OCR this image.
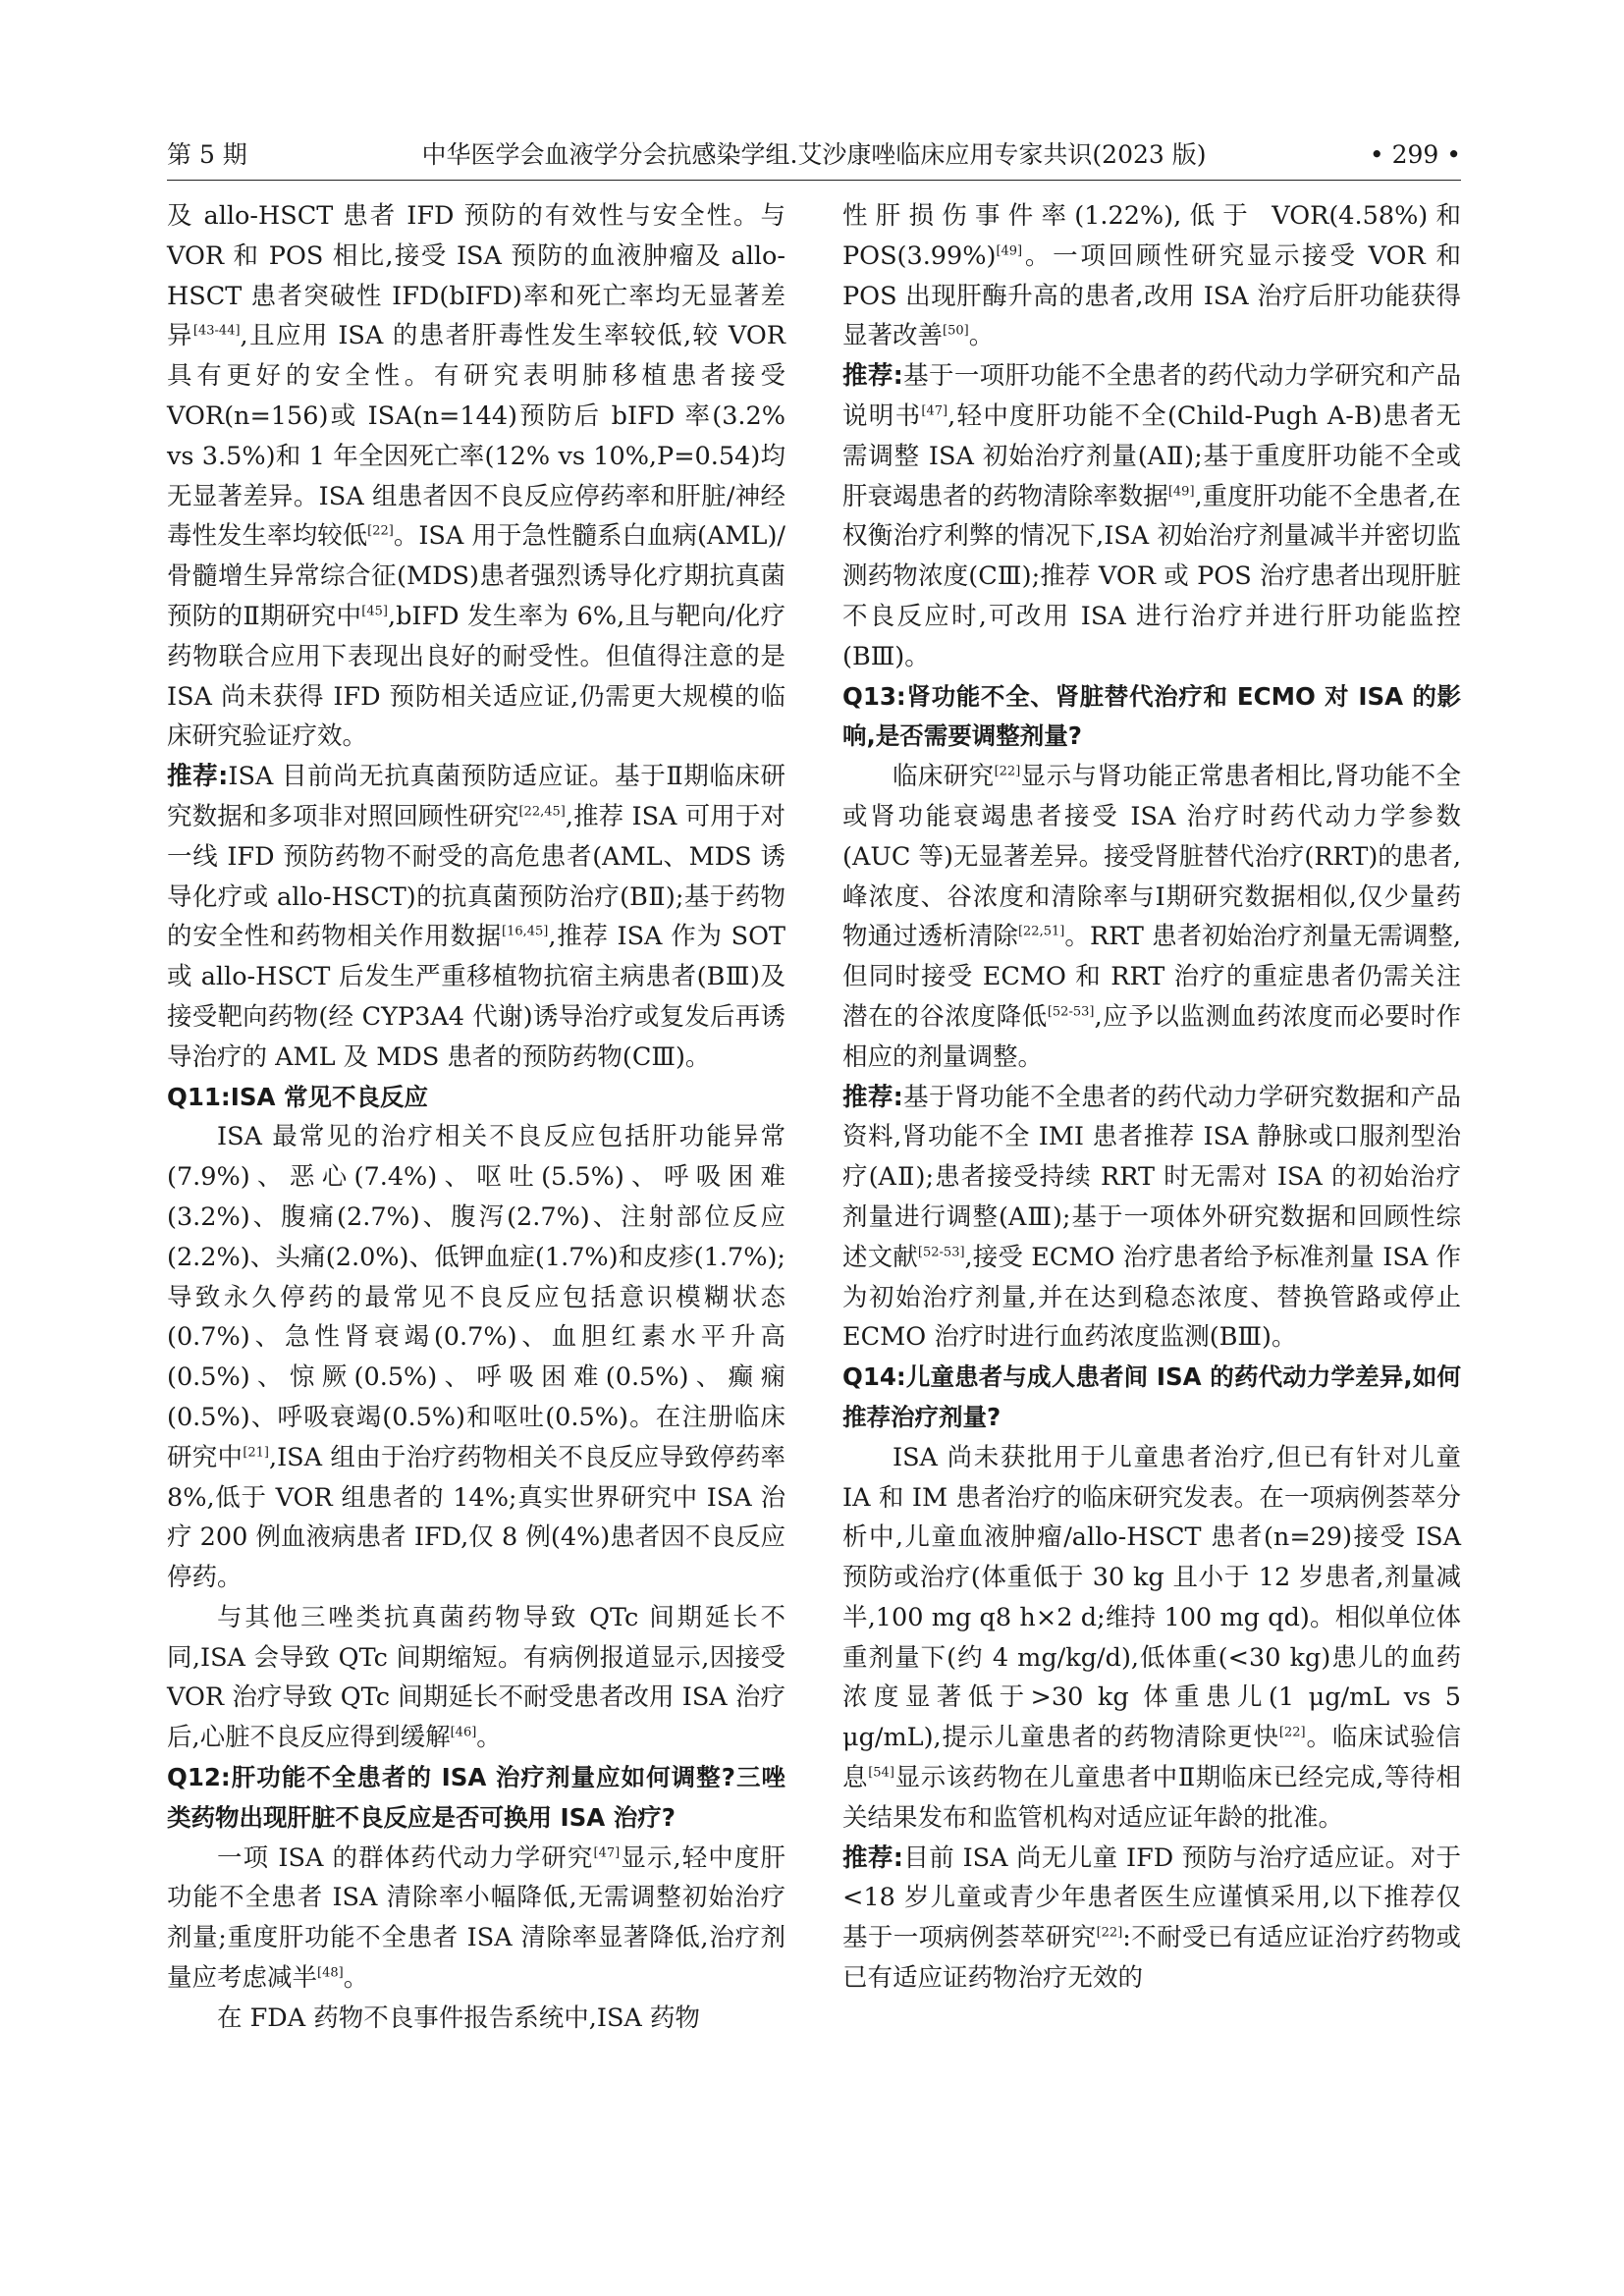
第 5 期	中华医学会血液学分会抗感染学组.艾沙康唑临床应用专家共识(2023 版)	• 299 •

及 allo-HSCT 患者 IFD 预防的有效性与安全性。与 VOR 和 POS 相比,接受 ISA 预防的血液肿瘤及 allo-HSCT 患者突破性 IFD(bIFD)率和死亡率均无显著差异[43-44],且应用 ISA 的患者肝毒性发生率较低,较 VOR 具有更好的安全性。有研究表明肺移植患者接受 VOR(n=156)或 ISA(n=144)预防后 bIFD 率(3.2% vs 3.5%)和 1 年全因死亡率(12% vs 10%,P=0.54)均无显著差异。ISA 组患者因不良反应停药率和肝脏/神经毒性发生率均较低[22]。ISA 用于急性髓系白血病(AML)/骨髓增生异常综合征(MDS)患者强烈诱导化疗期抗真菌预防的Ⅱ期研究中[45],bIFD 发生率为 6%,且与靶向/化疗药物联合应用下表现出良好的耐受性。但值得注意的是 ISA 尚未获得 IFD 预防相关适应证,仍需更大规模的临床研究验证疗效。

推荐:ISA 目前尚无抗真菌预防适应证。基于Ⅱ期临床研究数据和多项非对照回顾性研究[22,45],推荐 ISA 可用于对一线 IFD 预防药物不耐受的高危患者(AML、MDS 诱导化疗或 allo-HSCT)的抗真菌预防治疗(BⅡ);基于药物的安全性和药物相关作用数据[16,45],推荐 ISA 作为 SOT 或 allo-HSCT 后发生严重移植物抗宿主病患者(BⅢ)及接受靶向药物(经 CYP3A4 代谢)诱导治疗或复发后再诱导治疗的 AML 及 MDS 患者的预防药物(CⅢ)。

Q11:ISA 常见不良反应

ISA 最常见的治疗相关不良反应包括肝功能异常(7.9%)、恶心(7.4%)、呕吐(5.5%)、呼吸困难(3.2%)、腹痛(2.7%)、腹泻(2.7%)、注射部位反应(2.2%)、头痛(2.0%)、低钾血症(1.7%)和皮疹(1.7%);导致永久停药的最常见不良反应包括意识模糊状态(0.7%)、急性肾衰竭(0.7%)、血胆红素水平升高(0.5%)、惊厥(0.5%)、呼吸困难(0.5%)、癫痫(0.5%)、呼吸衰竭(0.5%)和呕吐(0.5%)。在注册临床研究中[21],ISA 组由于治疗药物相关不良反应导致停药率 8%,低于 VOR 组患者的 14%;真实世界研究中 ISA 治疗 200 例血液病患者 IFD,仅 8 例(4%)患者因不良反应停药。

与其他三唑类抗真菌药物导致 QTc 间期延长不同,ISA 会导致 QTc 间期缩短。有病例报道显示,因接受 VOR 治疗导致 QTc 间期延长不耐受患者改用 ISA 治疗后,心脏不良反应得到缓解[46]。

Q12:肝功能不全患者的 ISA 治疗剂量应如何调整?三唑类药物出现肝脏不良反应是否可换用 ISA 治疗?

一项 ISA 的群体药代动力学研究[47]显示,轻中度肝功能不全患者 ISA 清除率小幅降低,无需调整初始治疗剂量;重度肝功能不全患者 ISA 清除率显著降低,治疗剂量应考虑减半[48]。

在 FDA 药物不良事件报告系统中,ISA 药物

性肝损伤事件率(1.22%),低于 VOR(4.58%)和 POS(3.99%)[49]。一项回顾性研究显示接受 VOR 和 POS 出现肝酶升高的患者,改用 ISA 治疗后肝功能获得显著改善[50]。

推荐:基于一项肝功能不全患者的药代动力学研究和产品说明书[47],轻中度肝功能不全(Child-Pugh A-B)患者无需调整 ISA 初始治疗剂量(AⅡ);基于重度肝功能不全或肝衰竭患者的药物清除率数据[49],重度肝功能不全患者,在权衡治疗利弊的情况下,ISA 初始治疗剂量减半并密切监测药物浓度(CⅢ);推荐 VOR 或 POS 治疗患者出现肝脏不良反应时,可改用 ISA 进行治疗并进行肝功能监控(BⅢ)。

Q13:肾功能不全、肾脏替代治疗和 ECMO 对 ISA 的影响,是否需要调整剂量?

临床研究[22]显示与肾功能正常患者相比,肾功能不全或肾功能衰竭患者接受 ISA 治疗时药代动力学参数(AUC 等)无显著差异。接受肾脏替代治疗(RRT)的患者,峰浓度、谷浓度和清除率与Ⅰ期研究数据相似,仅少量药物通过透析清除[22,51]。RRT 患者初始治疗剂量无需调整,但同时接受 ECMO 和 RRT 治疗的重症患者仍需关注潜在的谷浓度降低[52-53],应予以监测血药浓度而必要时作相应的剂量调整。

推荐:基于肾功能不全患者的药代动力学研究数据和产品资料,肾功能不全 IMI 患者推荐 ISA 静脉或口服剂型治疗(AⅡ);患者接受持续 RRT 时无需对 ISA 的初始治疗剂量进行调整(AⅢ);基于一项体外研究数据和回顾性综述文献[52-53],接受 ECMO 治疗患者给予标准剂量 ISA 作为初始治疗剂量,并在达到稳态浓度、替换管路或停止 ECMO 治疗时进行血药浓度监测(BⅢ)。

Q14:儿童患者与成人患者间 ISA 的药代动力学差异,如何推荐治疗剂量?

ISA 尚未获批用于儿童患者治疗,但已有针对儿童 IA 和 IM 患者治疗的临床研究发表。在一项病例荟萃分析中,儿童血液肿瘤/allo-HSCT 患者(n=29)接受 ISA 预防或治疗(体重低于 30 kg 且小于 12 岁患者,剂量减半,100 mg q8 h×2 d;维持 100 mg qd)。相似单位体重剂量下(约 4 mg/kg/d),低体重(<30 kg)患儿的血药浓度显著低于>30 kg 体重患儿(1 μg/mL vs 5 μg/mL),提示儿童患者的药物清除更快[22]。临床试验信息[54]显示该药物在儿童患者中Ⅱ期临床已经完成,等待相关结果发布和监管机构对适应证年龄的批准。

推荐:目前 ISA 尚无儿童 IFD 预防与治疗适应证。对于<18 岁儿童或青少年患者医生应谨慎采用,以下推荐仅基于一项病例荟萃研究[22]:不耐受已有适应证治疗药物或已有适应证药物治疗无效的
